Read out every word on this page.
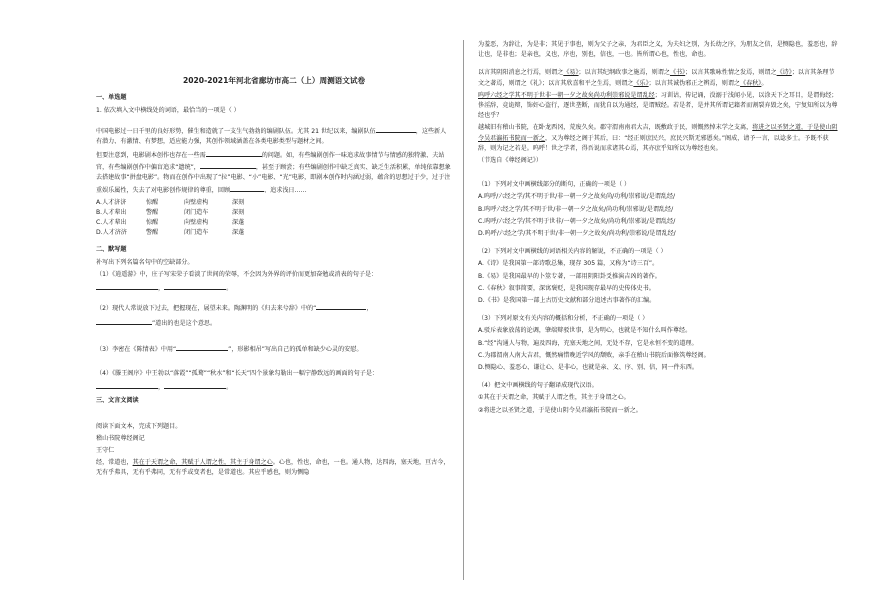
2020-2021年河北省廊坊市高二（上）周测语文试卷
一、单选题

1. 依次填入文中横线处的词语，最恰当的一项是（ ）

中国电影过一日千里的良好形势，催生和造就了一支生气勃勃的编剧队伍。尤其 21 世纪以来，编剧队伍	，这些新人有潜力、有激情、有梦想，适应能力强，其创作领域涵盖在各类电影类型与题材之间。

但要注意到，电影剧本创作也存在一些需	的问题。如，有些编剧创作一味追求故事情节与情感的独特激、夫站官，有些编剧创作中偏盲追求“遗统”，	，甚至于顾尝；有些编剧创作中缺乏真实、缺乏生活积累，单纯依靠想象去搭建故事“拼盘电影”。物而在创作中出现了“拉”电影、“小”电影、“光”电影，即剧本创作时内涵过弱，蕴含的思想过于少，过于注重娱乐属性，失去了对电影创作规律的尊重，回顾	、追求浅日……

A.人才济济	惊醒	向壁虚构	深刻
B.人才辈出	警醒	闭门造车	深刻
C.人才辈出	惊醒	向壁虚构	深蓬
D.人才济济	警醒	闭门造车	深蓬
二、默写题

补写出下列名篇名句中的空缺部分。

（1）《逍遥游》中，庄子写宋荣子看淡了世间的荣辱，不会因为外界的评价而更加奋勉或消表的句子是：

，	。

（2）现代人常说放下过去，把握现在，展望未来。陶渊明的《归去来兮辞》中的“	，

”道出的也是这个意思。

（3）李密在《陈情表》中用“	”，形影相吊”写出自己的孤单和缺少心灵的安慰。

（4）《滕王阁序》中王勃以“落霞”“孤鹜”“秋水”和“长天”四个景象勾勒出一幅宁静致远的画面的句子是：

，	。

三、文言文阅读

阅读下面文本，完成下列题目。

稽山书院尊经阁记

王守仁

经，常道也，其在于天谓之命，其赋于人谓之性，其主于身谓之心。心也，性也，命也，一也。通人物，达四海，塞天地，亘古今，无有乎弗具，无有乎弗同，无有乎或变者也，是常道也。其应乎感也，则为恻隐

为羞恶，为辞让，为是非；其见于事也，则为父子之亲，为君臣之义，为夫妇之别，为长幼之序，为朋友之信，是恻隐也，羞恶也，辞让也，是非也；是亲也，义也，序也，别也，信也，一也。皆所谓心也，性也，命也。

以言其阴阳消息之行焉，则谓之《易》；以言其纪纲政事之施焉，则谓之《书》；以言其歌咏性情之发焉，则谓之《诗》；以言其条理节文之著焉，则谓之《礼》；以言其欣喜和平之生焉，则谓之《乐》；以言其诚伪邪正之辨焉，则谓之《春秋》。

呜呼六经之学其不明于世非一朝一夕之故矣尚功利崇邪说是谓乱经；习训诂，传记诵，没溺于浅闻小见，以涂天下之耳目，是谓侮经；侈淫辞，竞诡辩，饰奸心盗行，逐世垄断，而犹自以为通经，是谓贼经。若是者，是并其所谓记籍者而割裂弃毁之矣，宁复知所以为尊经也乎？

越城旧有稽山书院，在卧龙西冈，荒废久矣。郡守渭南南君大吉，既敷政于民，则慨然悼末学之支离，将进之以圣贤之道，于是使山阴令吴君瀛拓书院而一新之，又为尊经之阁于其后，曰：“经正则庶民兴，庶民兴斯无邪慝矣。”阁成，请予一言，以谂多士。予既不获辞，则为记之若是。呜呼！世之学者，得吾说而求诸其心焉，其亦庶乎知所以为尊经也矣。

（节选自《尊经阁记》）

（1）下列对文中画横线部分的断句，正确的一项是（ ）

A.呜呼/六经之学/其不明于世/非一朝一夕之故矣尚/功利/崇邪说/是谓乱经/

B.呜呼六经之学/其不明于世/非一朝一夕之故矣/尚功利/崇邪说/是谓乱经/

C.呜呼/六经之学/其不明于世非/一朝一夕之故矣/尚功利/崇邪说/是谓乱经/

D.呜呼/六经之学/其不明于世/非一朝一夕之故矣/尚功利/崇邪说/是谓乱经/

（2）下列对文中画横线的词语相关内容的解说，不正确的一项是（ ）

A.《诗》是我国第一部诗歌总集，现存 305 篇，又称为“诗三百”。

B.《易》是我国最早的卜筮专著，一部用阴阳卦爻推演吉凶的著作。

C.《春秋》叙事简要，深寓褒贬，是我国现存最早的史传体史书。

D.《书》是我国第一部上古历史文献和部分追述古事著作的汇编。

（3）下列对原文有关内容的概括和分析，不正确的一项是（ ）

A.驳斥表象放荡的论调，肇端辩驳世事，是为明心，也就是不知什么叫作尊经。

B.“经”沟通人与物，遍及四海，充塞天地之间，无处不存，它是永恒不变的道理。

C.为郡渭南人南大吉君，慨然痛惜晚近学风的颓败，亲手在稽山书院后面修筑尊经阁。

D.恻隐心、羞恶心、谦让心、是非心，也就是亲、义、序、别、信，同一件东西。

（4）把文中画横线的句子翻译成现代汉语。

①其在于天谓之命，其赋于人谓之性，其主于身谓之心。

②将进之以圣贤之道，于是使山阴令吴君瀛拓书院而一新之。
